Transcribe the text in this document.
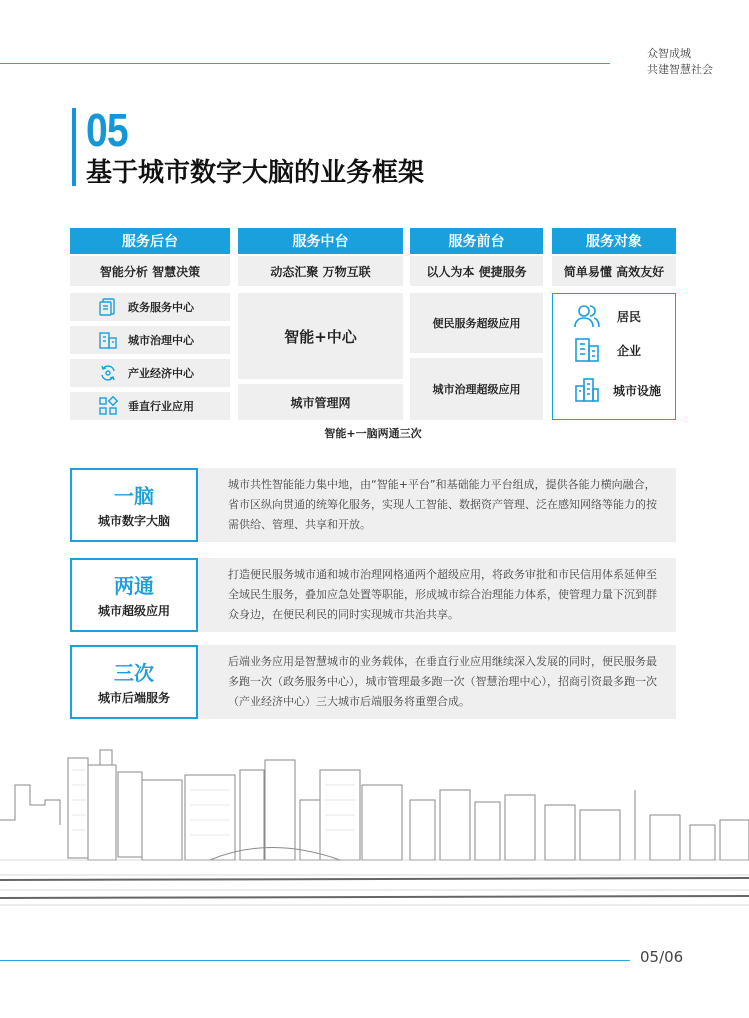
众智成城
共建智慧社会
05
基于城市数字大脑的业务框架
服务后台	服务中台	服务前台	服务对象
智能分析 智慧决策	动态汇聚 万物互联	以人为本 便捷服务	简单易懂 高效友好
政务服务中心
城市治理中心
产业经济中心
垂直行业应用
智能+中心
城市管理网
便民服务超级应用
城市治理超级应用
居民
企业
城市设施
智能+一脑两通三次
一脑
城市数字大脑
城市共性智能能力集中地，由“智能+平台”和基础能力平台组成，提供各能力横向融合，省市区纵向贯通的统筹化服务，实现人工智能、数据资产管理、泛在感知网络等能力的按需供给、管理、共享和开放。
两通
城市超级应用
打造便民服务城市通和城市治理网格通两个超级应用，将政务审批和市民信用体系延伸至全域民生服务，叠加应急处置等职能，形成城市综合治理能力体系，使管理力量下沉到群众身边，在便民利民的同时实现城市共治共享。
三次
城市后端服务
后端业务应用是智慧城市的业务载体，在垂直行业应用继续深入发展的同时，便民服务最多跑一次（政务服务中心），城市管理最多跑一次（智慧治理中心），招商引资最多跑一次（产业经济中心）三大城市后端服务将重塑合成。
05/06
